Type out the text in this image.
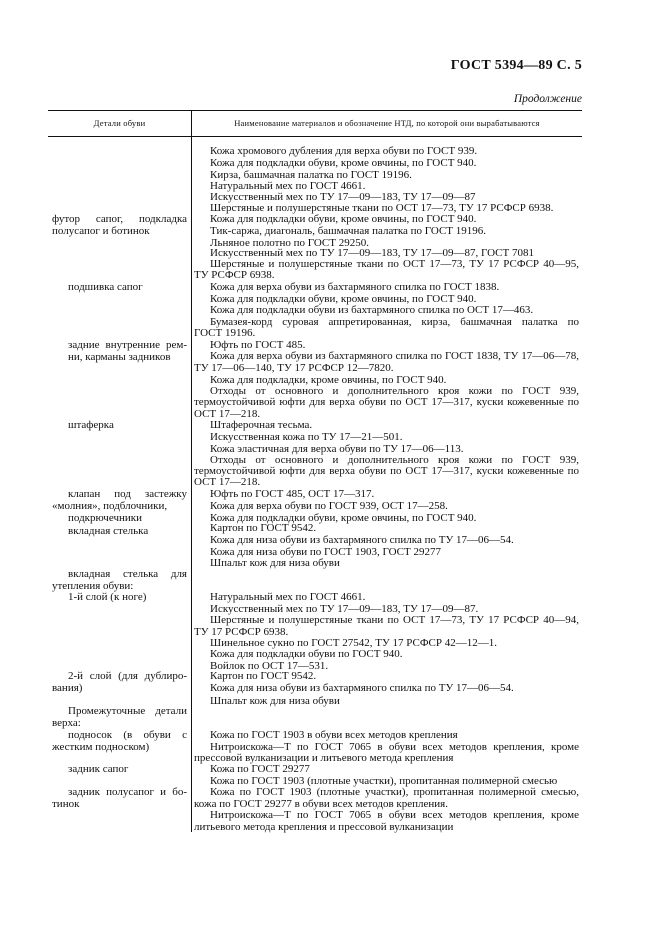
ГОСТ 5394—89 С. 5
Продолжение
Детали обуви	Наименование материалов и обозначение НТД, по которой они вырабатываются
футор сапог, подкладка
полусапог и ботинок
подшивка сапог
задние внутренние рем-
ни, карманы задников
штаферка
клапан под застежку
«молния», подблочники,
подкрючечники
вкладная стелька
вкладная стелька для
утепления обуви:
1-й слой (к ноге)
2-й слой (для дублиро-
вания)
Промежуточные детали
верха:
подносок (в обуви с
жестким подноском)
задник сапог
задник полусапог и бо-
тинок
Кожа хромового дубления для верха обуви по ГОСТ 939.
Кожа для подкладки обуви, кроме овчины, по ГОСТ 940.
Кирза, башмачная палатка по ГОСТ 19196.
Натуральный мех по ГОСТ 4661.
Искусственный мех по ТУ 17—09—183, ТУ 17—09—87
Шерстяные и полушерстяные ткани по ОСТ 17—73, ТУ 17 РСФСР 6938.
Кожа для подкладки обуви, кроме овчины, по ГОСТ 940.
Тик-саржа, диагональ, башмачная палатка по ГОСТ 19196.
Льняное полотно по ГОСТ 29250.
Искусственный мех по ТУ 17—09—183, ТУ 17—09—87, ГОСТ 7081
Шерстяные и полушерстяные ткани по ОСТ 17—73, ТУ 17 РСФСР 40—95,
ТУ РСФСР 6938.
Кожа для верха обуви из бахтармяного спилка по ГОСТ 1838.
Кожа для подкладки обуви, кроме овчины, по ГОСТ 940.
Кожа для подкладки обуви из бахтармяного спилка по ОСТ 17—463.
Бумазея-корд суровая аппретированная, кирза, башмачная палатка по
ГОСТ 19196.
Юфть по ГОСТ 485.
Кожа для верха обуви из бахтармяного спилка по ГОСТ 1838, ТУ 17—06—78,
ТУ 17—06—140, ТУ 17 РСФСР 12—7820.
Кожа для подкладки, кроме овчины, по ГОСТ 940.
Отходы от основного и дополнительного кроя кожи по ГОСТ 939,
термоустойчивой юфти для верха обуви по ОСТ 17—317, куски кожевенные по
ОСТ 17—218.
Штаферочная тесьма.
Искусственная кожа по ТУ 17—21—501.
Кожа эластичная для верха обуви по ТУ 17—06—113.
Отходы от основного и дополнительного кроя кожи по ГОСТ 939,
термоустойчивой юфти для верха обуви по ОСТ 17—317, куски кожевенные по
ОСТ 17—218.
Юфть по ГОСТ 485, ОСТ 17—317.
Кожа для верха обуви по ГОСТ 939, ОСТ 17—258.
Кожа для подкладки обуви, кроме овчины, по ГОСТ 940.
Картон по ГОСТ 9542.
Кожа для низа обуви из бахтармяного спилка по ТУ 17—06—54.
Кожа для низа обуви по ГОСТ 1903, ГОСТ 29277
Шпальт кож для низа обуви
Натуральный мех по ГОСТ 4661.
Искусственный мех по ТУ 17—09—183, ТУ 17—09—87.
Шерстяные и полушерстяные ткани по ОСТ 17—73, ТУ 17 РСФСР 40—94,
ТУ 17 РСФСР 6938.
Шинельное сукно по ГОСТ 27542, ТУ 17 РСФСР 42—12—1.
Кожа для подкладки обуви по ГОСТ 940.
Войлок по ОСТ 17—531.
Картон по ГОСТ 9542.
Кожа для низа обуви из бахтармяного спилка по ТУ 17—06—54.
Шпальт кож для низа обуви
Кожа по ГОСТ 1903 в обуви всех методов крепления
Нитроискожа—Т по ГОСТ 7065 в обуви всех методов крепления, кроме
прессовой вулканизации и литьевого метода крепления
Кожа по ГОСТ 29277
Кожа по ГОСТ 1903 (плотные участки), пропитанная полимерной смесью
Кожа по ГОСТ 1903 (плотные участки), пропитанная полимерной смесью,
кожа по ГОСТ 29277 в обуви всех методов крепления.
Нитроискожа—Т по ГОСТ 7065 в обуви всех методов крепления, кроме
литьевого метода крепления и прессовой вулканизации
